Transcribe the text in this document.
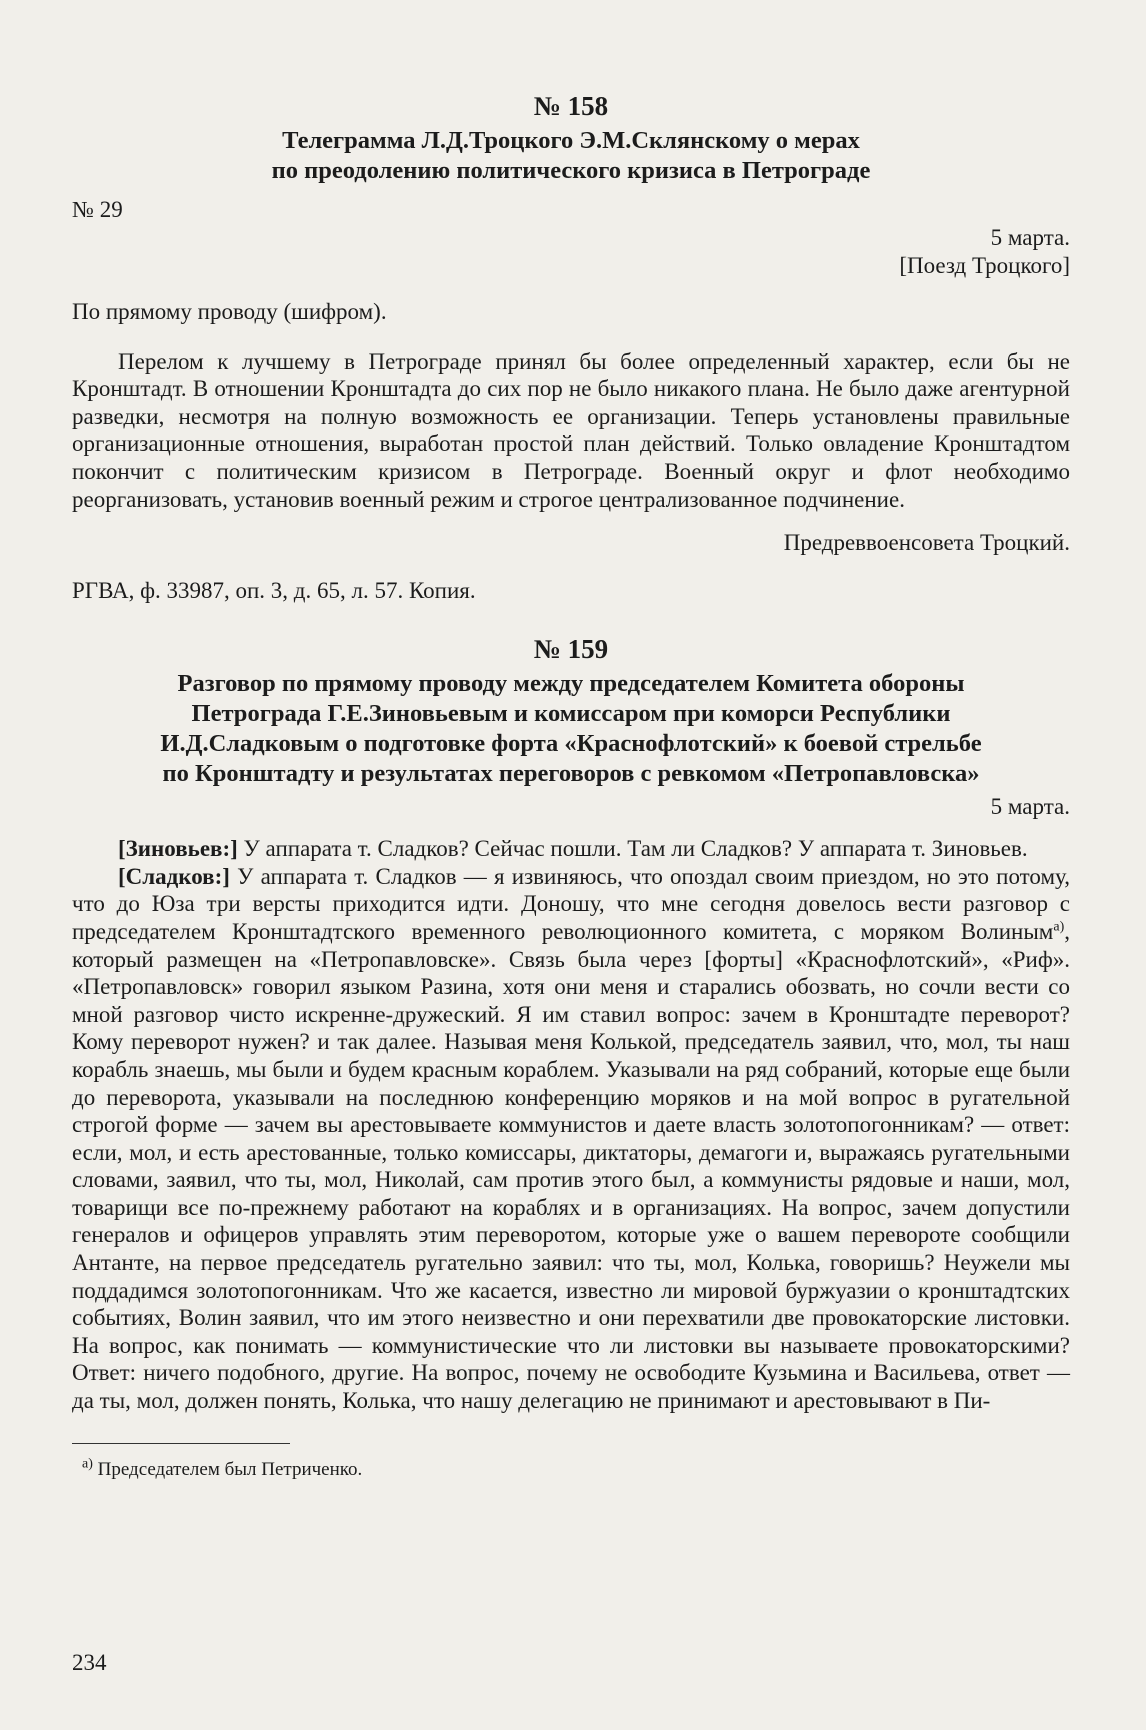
№ 158

Телеграмма Л.Д.Троцкого Э.М.Склянскому о мерах
по преодолению политического кризиса в Петрограде

№ 29
5 марта.
[Поезд Троцкого]

По прямому проводу (шифром).

Перелом к лучшему в Петрограде принял бы более определенный характер, если бы не Кронштадт. В отношении Кронштадта до сих пор не было никакого плана. Не было даже агентурной разведки, несмотря на полную возможность ее организации. Теперь установлены правильные организационные отношения, выработан простой план действий. Только овладение Кронштадтом покончит с политическим кризисом в Петрограде. Военный округ и флот необходимо реорганизовать, установив военный режим и строгое централизованное подчинение.

Предреввоенсовета Троцкий.
РГВА, ф. 33987, оп. 3, д. 65, л. 57. Копия.

№ 159

Разговор по прямому проводу между председателем Комитета обороны
Петрограда Г.Е.Зиновьевым и комиссаром при коморси Республики
И.Д.Сладковым о подготовке форта «Краснофлотский» к боевой стрельбе
по Кронштадту и результатах переговоров с ревкомом «Петропавловска»

5 марта.

[Зиновьев:] У аппарата т. Сладков? Сейчас пошли. Там ли Сладков? У аппарата т. Зиновьев.

[Сладков:] У аппарата т. Сладков — я извиняюсь, что опоздал своим приездом, но это потому, что до Юза три версты приходится идти. Доношу, что мне сегодня довелось вести разговор с председателем Кронштадтского временного революционного комитета, с моряком Волиным$^{а)}$, который размещен на «Петропавловске». Связь была через [форты] «Краснофлотский», «Риф». «Петропавловск» говорил языком Разина, хотя они меня и старались обозвать, но сочли вести со мной разговор чисто искренне-дружеский. Я им ставил вопрос: зачем в Кронштадте переворот? Кому переворот нужен? и так далее. Называя меня Колькой, председатель заявил, что, мол, ты наш корабль знаешь, мы были и будем красным кораблем. Указывали на ряд собраний, которые еще были до переворота, указывали на последнюю конференцию моряков и на мой вопрос в ругательной строгой форме — зачем вы арестовываете коммунистов и даете власть золотопогонникам? — ответ: если, мол, и есть арестованные, только комиссары, диктаторы, демагоги и, выражаясь ругательными словами, заявил, что ты, мол, Николай, сам против этого был, а коммунисты рядовые и наши, мол, товарищи все по-прежнему работают на кораблях и в организациях. На вопрос, зачем допустили генералов и офицеров управлять этим переворотом, которые уже о вашем перевороте сообщили Антанте, на первое председатель ругательно заявил: что ты, мол, Колька, говоришь? Неужели мы поддадимся золотопогонникам. Что же касается, известно ли мировой буржуазии о кронштадтских событиях, Волин заявил, что им этого неизвестно и они перехватили две провокаторские листовки. На вопрос, как понимать — коммунистические что ли листовки вы называете провокаторскими? Ответ: ничего подобного, другие. На вопрос, почему не освободите Кузьмина и Васильева, ответ — да ты, мол, должен понять, Колька, что нашу делегацию не принимают и арестовывают в Пи-

$^{а)}$ Председателем был Петриченко.
234
